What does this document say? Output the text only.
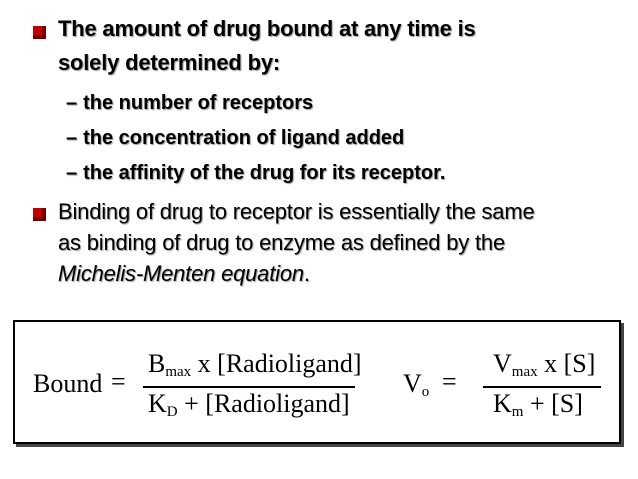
The amount of drug bound at any time is
solely determined by:
– the number of receptors
– the concentration of ligand added
– the affinity of the drug for its receptor.
Binding of drug to receptor is essentially the same
as binding of drug to enzyme as defined by the
Michelis-Menten equation.
Bound =
Bmax x [Radioligand]
KD + [Radioligand]
Vo =
Vmax x [S]
Km + [S]
